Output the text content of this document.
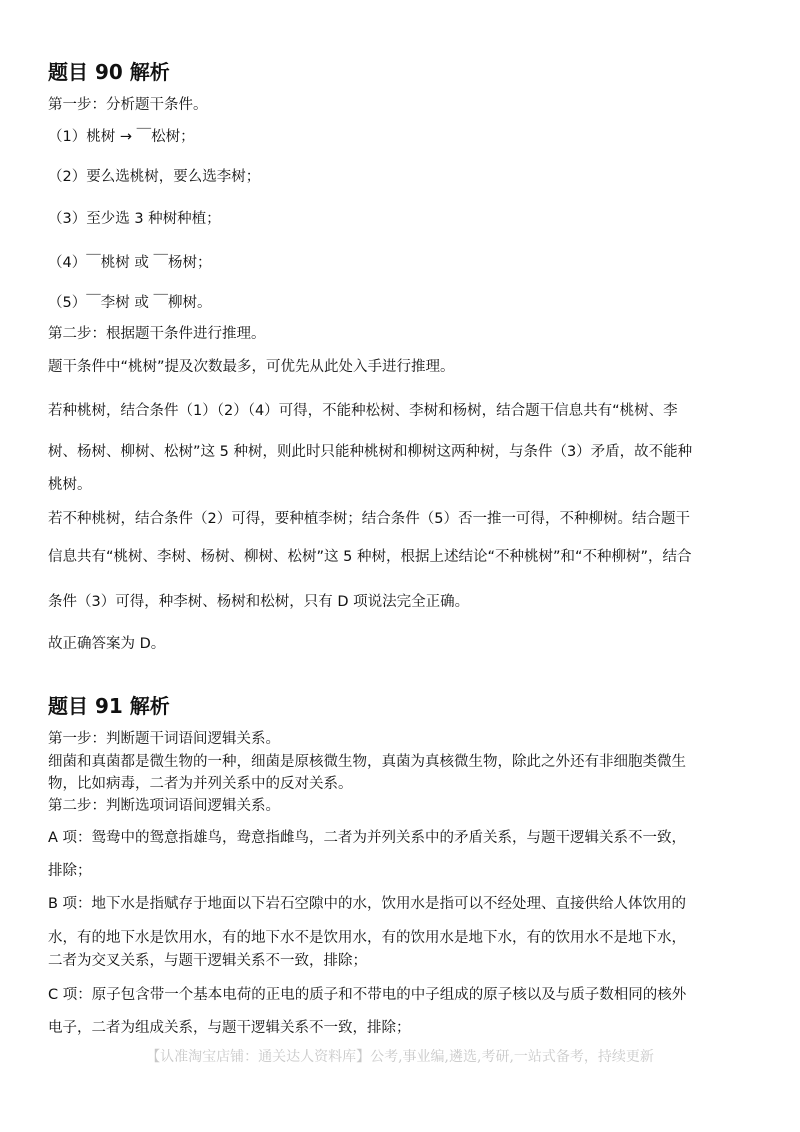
题目 90 解析
第一步：分析题干条件。
（1）桃树 → ￣松树；
（2）要么选桃树，要么选李树；
（3）至少选 3 种树种植；
（4）￣桃树 或 ￣杨树；
（5）￣李树 或 ￣柳树。
第二步：根据题干条件进行推理。
题干条件中“桃树”提及次数最多，可优先从此处入手进行推理。
若种桃树，结合条件（1）（2）（4）可得，不能种松树、李树和杨树，结合题干信息共有“桃树、李
树、杨树、柳树、松树”这 5 种树，则此时只能种桃树和柳树这两种树，与条件（3）矛盾，故不能种
桃树。
若不种桃树，结合条件（2）可得，要种植李树；结合条件（5）否一推一可得，不种柳树。结合题干
信息共有“桃树、李树、杨树、柳树、松树”这 5 种树，根据上述结论“不种桃树”和“不种柳树”，结合
条件（3）可得，种李树、杨树和松树，只有 D 项说法完全正确。
故正确答案为 D。
题目 91 解析
第一步：判断题干词语间逻辑关系。
细菌和真菌都是微生物的一种，细菌是原核微生物，真菌为真核微生物，除此之外还有非细胞类微生
物，比如病毒，二者为并列关系中的反对关系。
第二步：判断选项词语间逻辑关系。
A 项：鸳鸯中的鸳意指雄鸟，鸯意指雌鸟，二者为并列关系中的矛盾关系，与题干逻辑关系不一致，
排除；
B 项：地下水是指赋存于地面以下岩石空隙中的水，饮用水是指可以不经处理、直接供给人体饮用的
水，有的地下水是饮用水，有的地下水不是饮用水，有的饮用水是地下水，有的饮用水不是地下水，
二者为交叉关系，与题干逻辑关系不一致，排除；
C 项：原子包含带一个基本电荷的正电的质子和不带电的中子组成的原子核以及与质子数相同的核外
电子，二者为组成关系，与题干逻辑关系不一致，排除；
【认准淘宝店铺：通关达人资料库】公考,事业编,遴选,考研,一站式备考，持续更新
